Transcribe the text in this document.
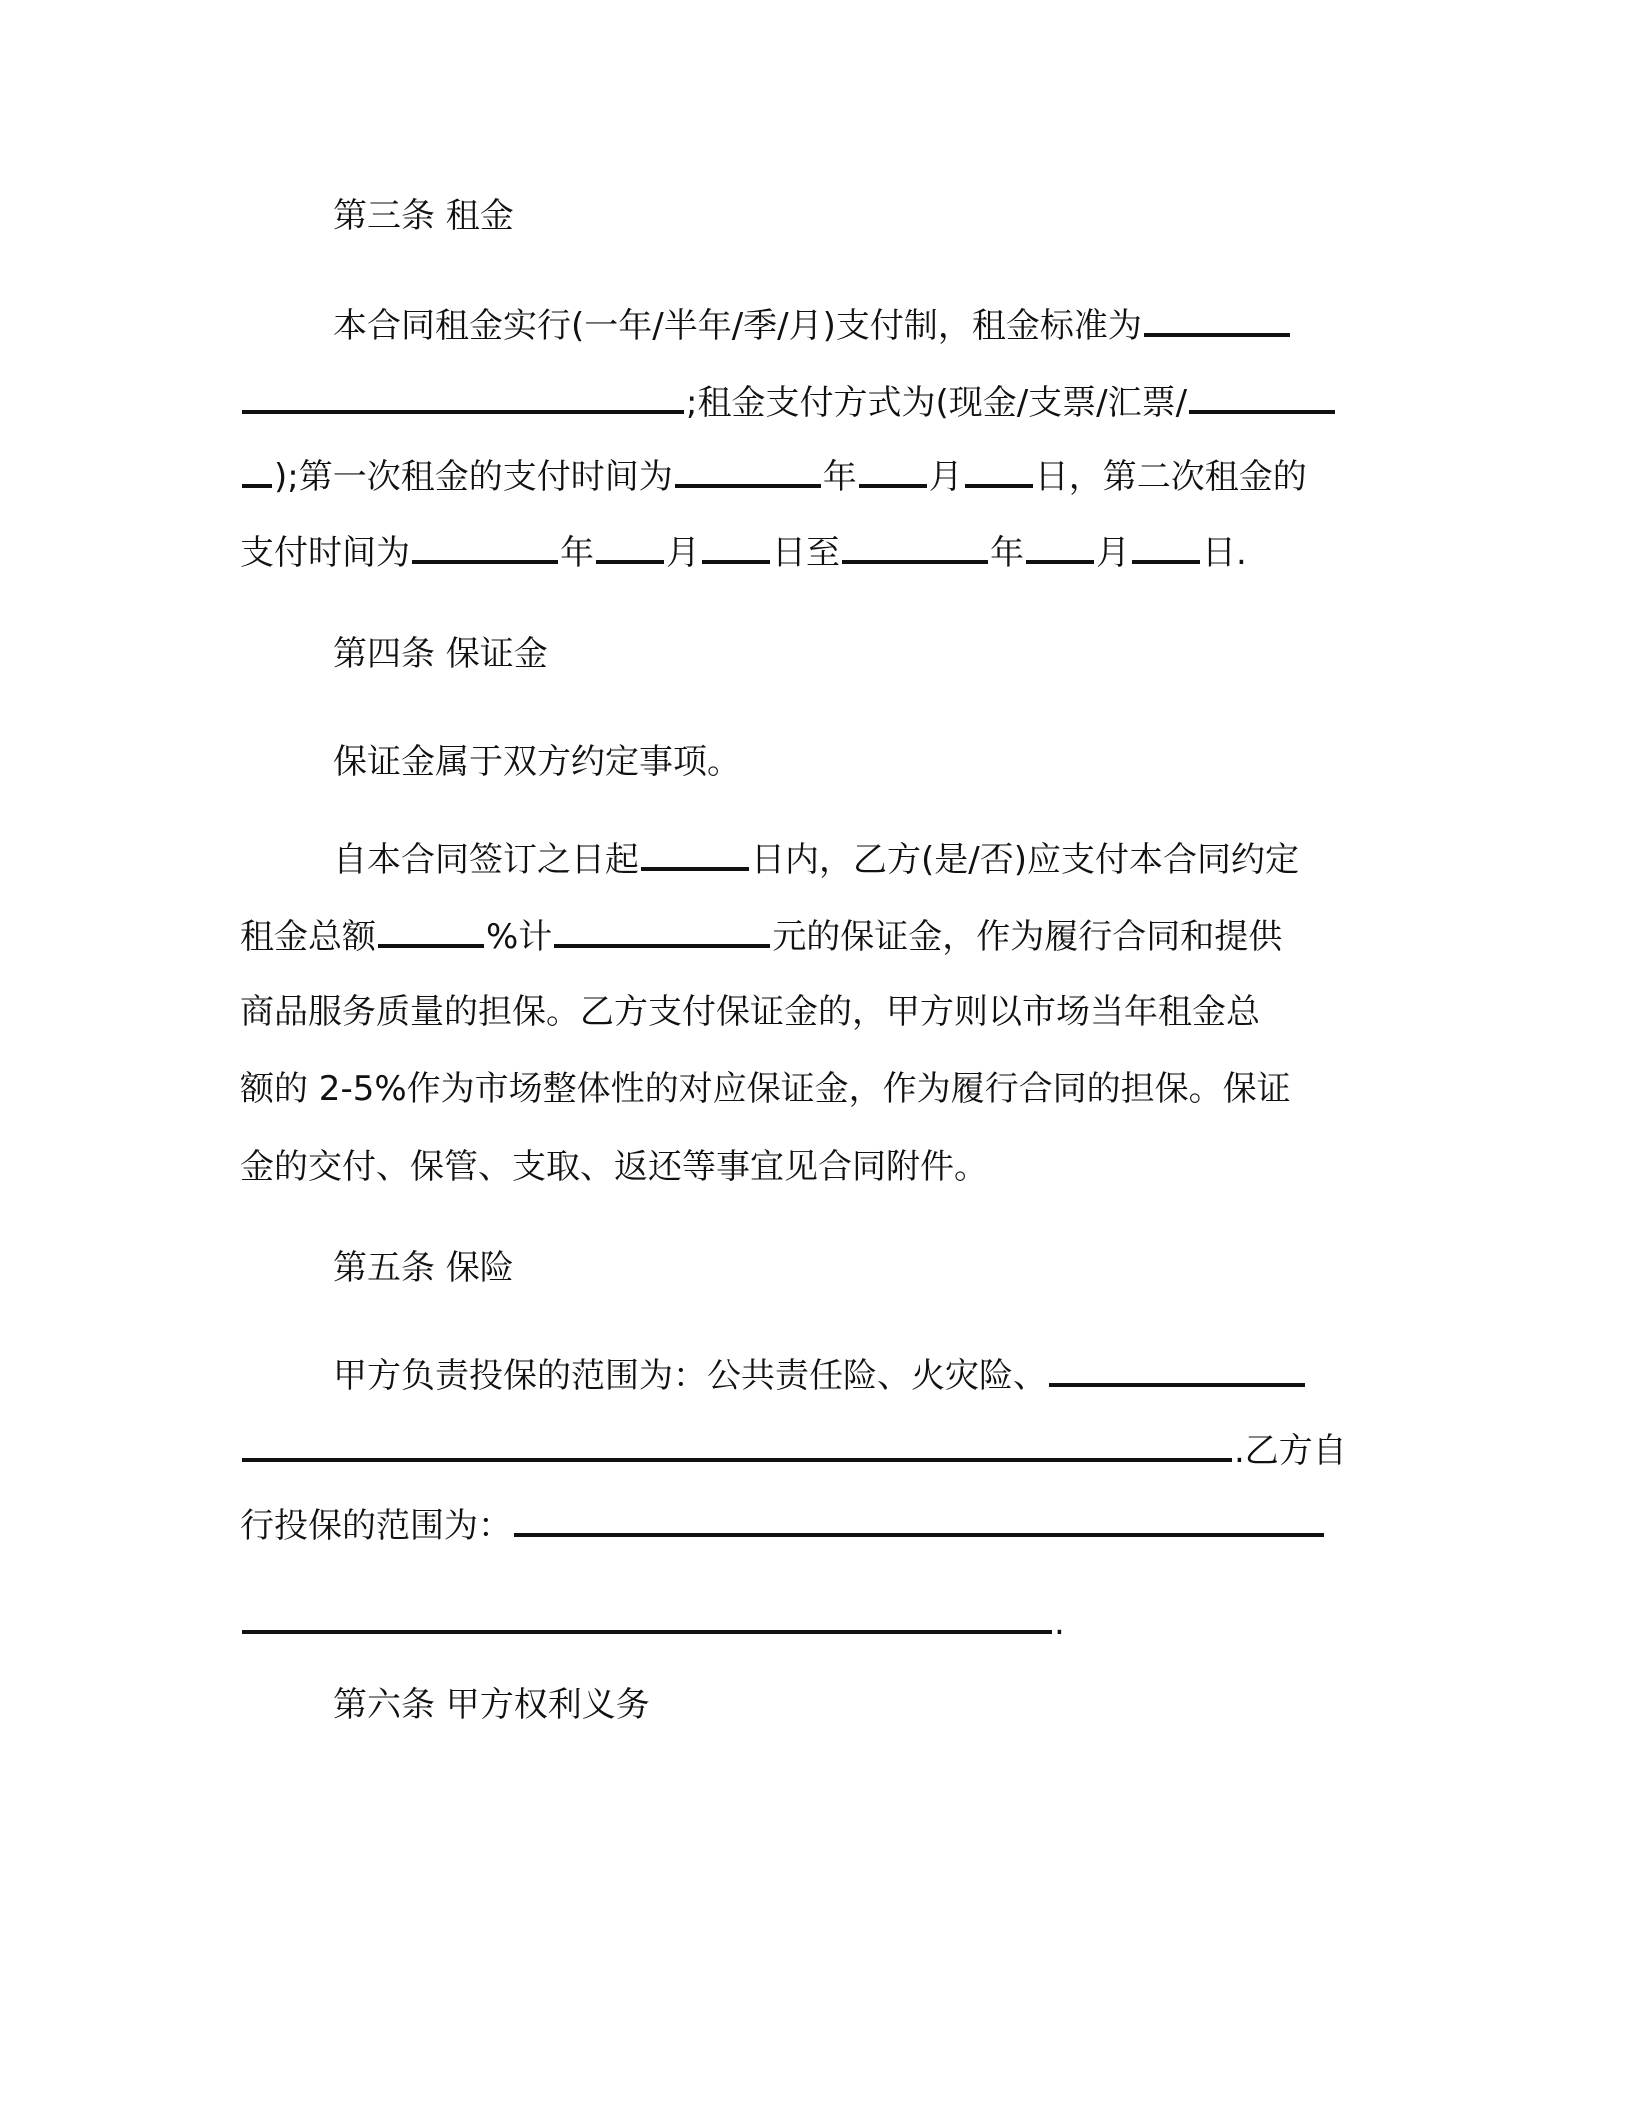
第三条 租金
本合同租金实行(一年/半年/季/月)支付制，租金标准为
;租金支付方式为(现金/支票/汇票/
);第一次租金的支付时间为	年 月 日，第二次租金的
支付时间为	年 月 日至	年 月 日.
第四条 保证金
保证金属于双方约定事项。
自本合同签订之日起	日内，乙方(是/否)应支付本合同约定
租金总额	%计	元的保证金，作为履行合同和提供
商品服务质量的担保。乙方支付保证金的，甲方则以市场当年租金总
额的 2-5%作为市场整体性的对应保证金，作为履行合同的担保。保证
金的交付、保管、支取、返还等事宜见合同附件。
第五条 保险
甲方负责投保的范围为：公共责任险、火灾险、
.乙方自
行投保的范围为：
.
第六条 甲方权利义务
